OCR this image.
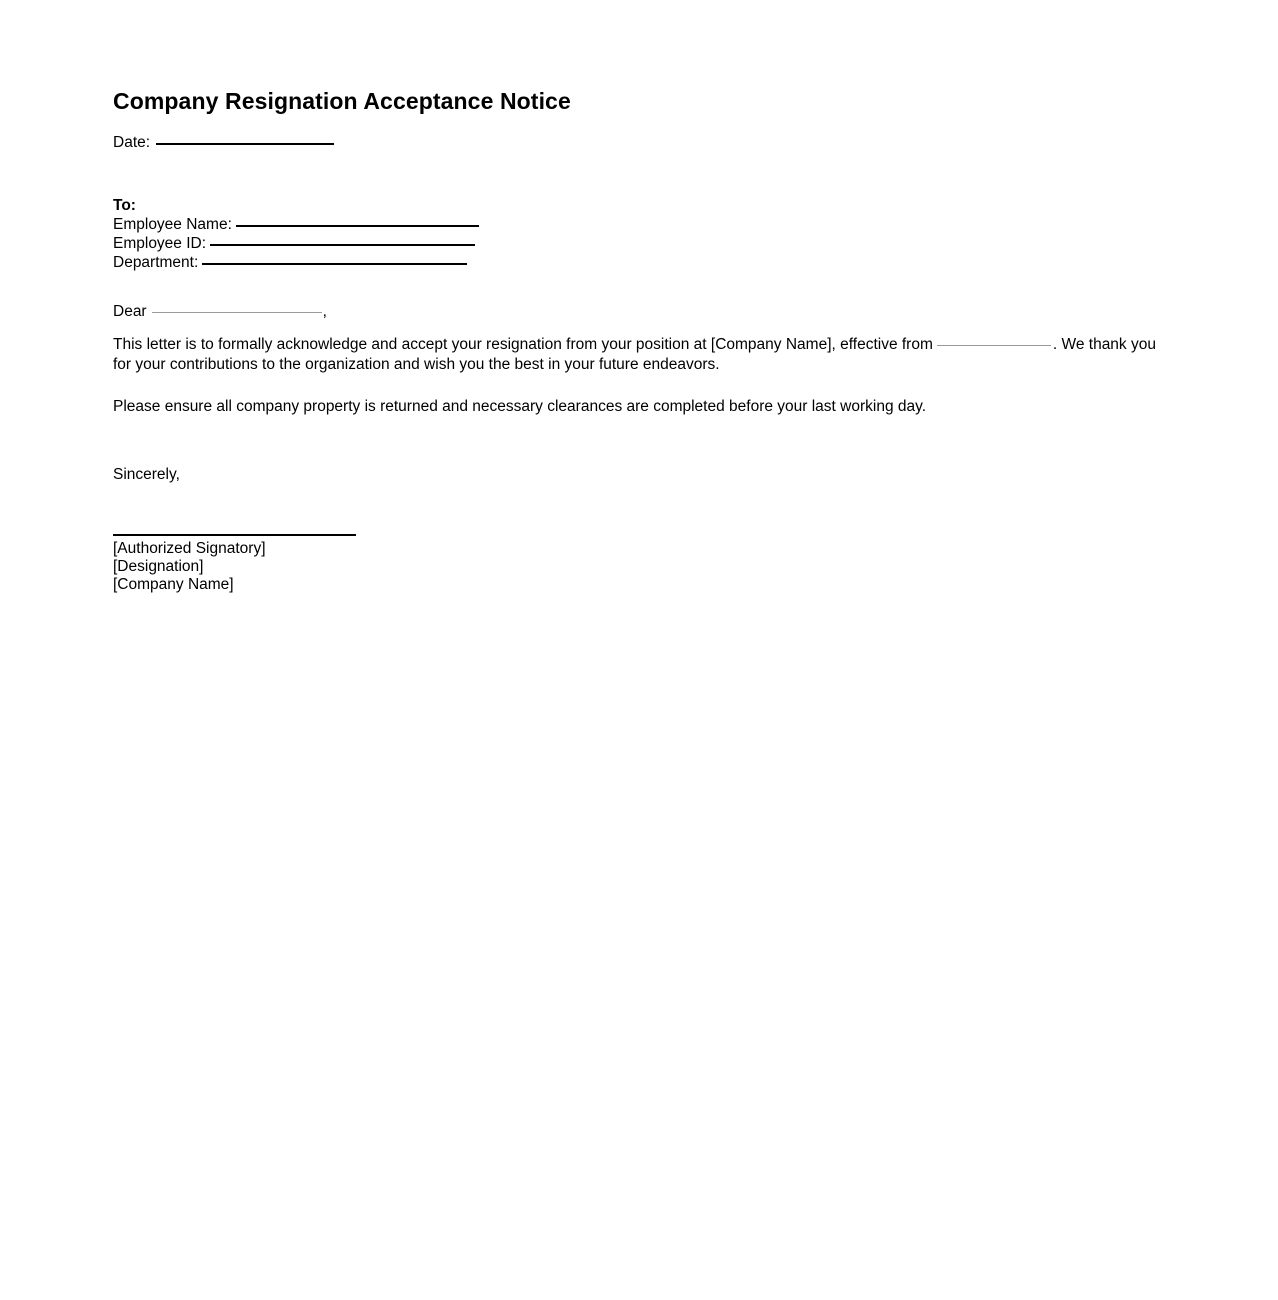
Company Resignation Acceptance Notice
Date:
To:
Employee Name:
Employee ID:
Department:
Dear	,

This letter is to formally acknowledge and accept your resignation from your position at [Company Name], effective from	. We thank you for your contributions to the organization and wish you the best in your future endeavors.

Please ensure all company property is returned and necessary clearances are completed before your last working day.

Sincerely,
[Authorized Signatory]
[Designation]
[Company Name]
